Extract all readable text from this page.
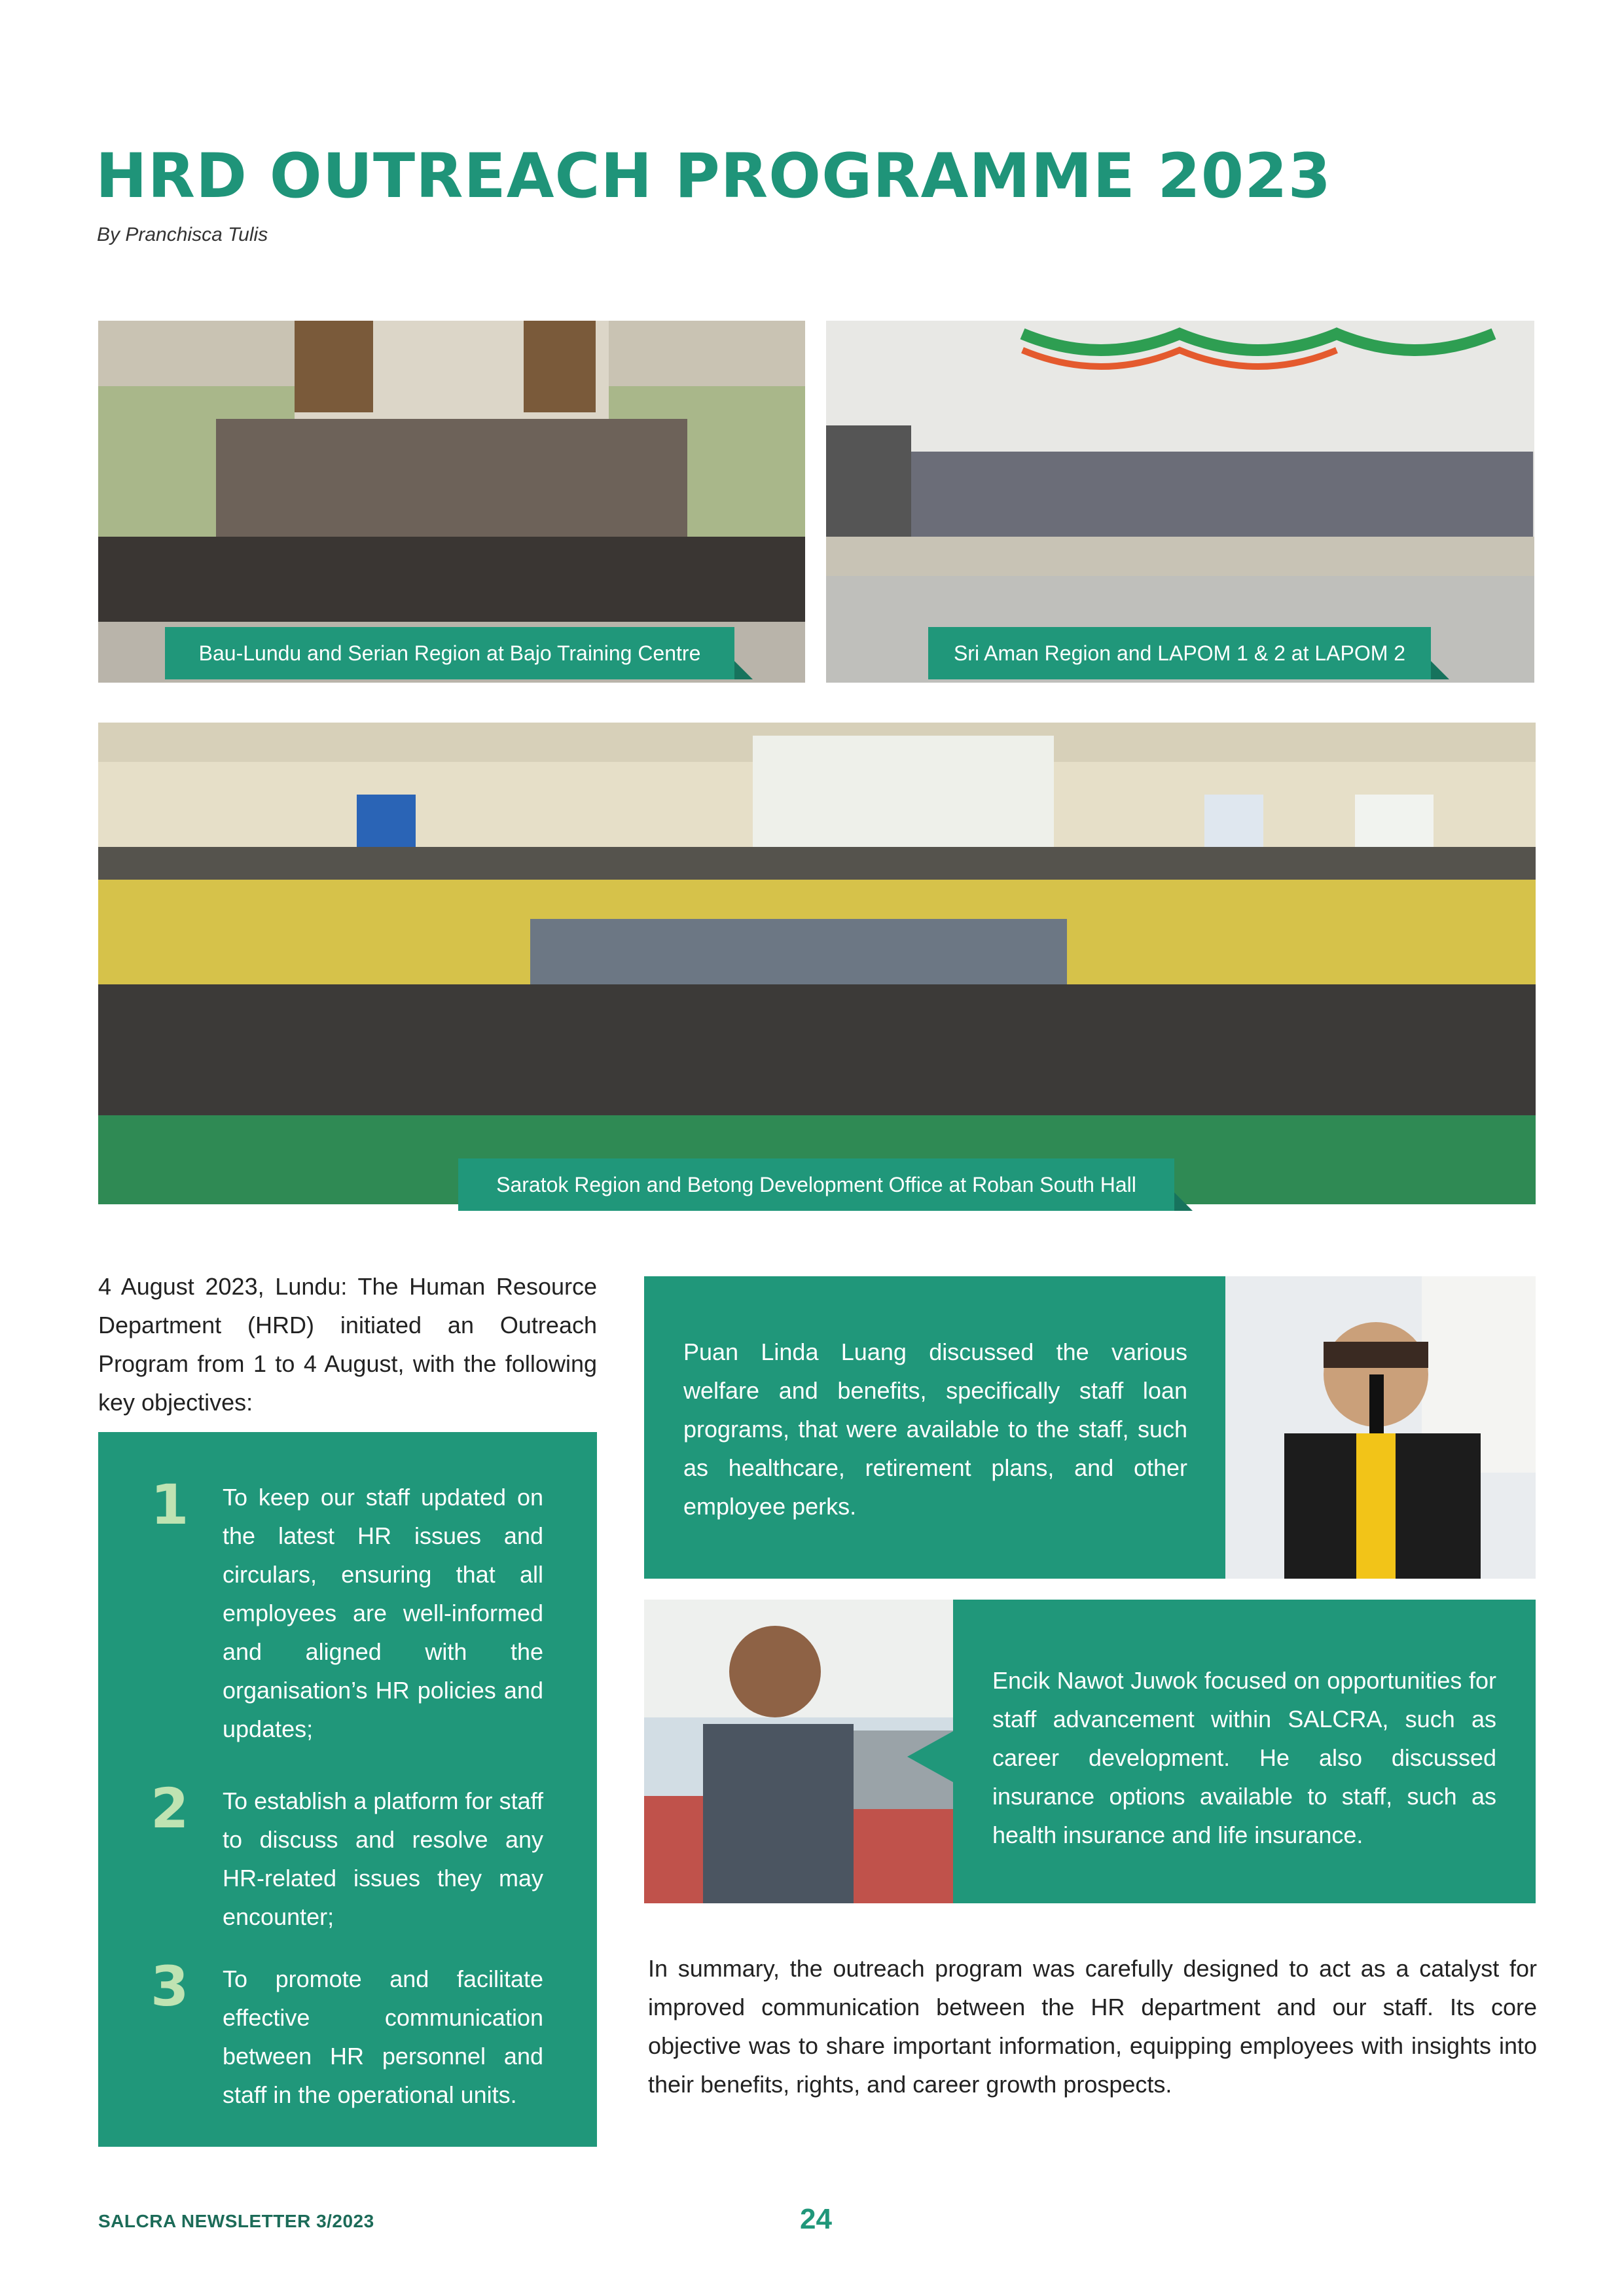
HRD OUTREACH PROGRAMME 2023
By Pranchisca Tulis
Bau-Lundu and Serian Region at Bajo Training Centre	Sri Aman Region and LAPOM 1 & 2 at LAPOM 2
Saratok Region and Betong Development Office at Roban South Hall

4 August 2023, Lundu: The Human Resource Department (HRD) initiated an Outreach Program from 1 to 4 August, with the following key objectives:

1 To keep our staff updated on the latest HR issues and circulars, ensuring that all employees are well-informed and aligned with the organisation’s HR policies and updates;
2 To establish a platform for staff to discuss and resolve any HR-related issues they may encounter;
3 To promote and facilitate effective communication between HR personnel and staff in the operational units.
Puan Linda Luang discussed the various welfare and benefits, specifically staff loan programs, that were available to the staff, such as healthcare, retirement plans, and other employee perks.
Encik Nawot Juwok focused on opportunities for staff advancement within SALCRA, such as career development. He also discussed insurance options available to staff, such as health insurance and life insurance.

In summary, the outreach program was carefully designed to act as a catalyst for improved communication between the HR department and our staff. Its core objective was to share important information, equipping employees with insights into their benefits, rights, and career growth prospects.

SALCRA NEWSLETTER 3/2023	24
